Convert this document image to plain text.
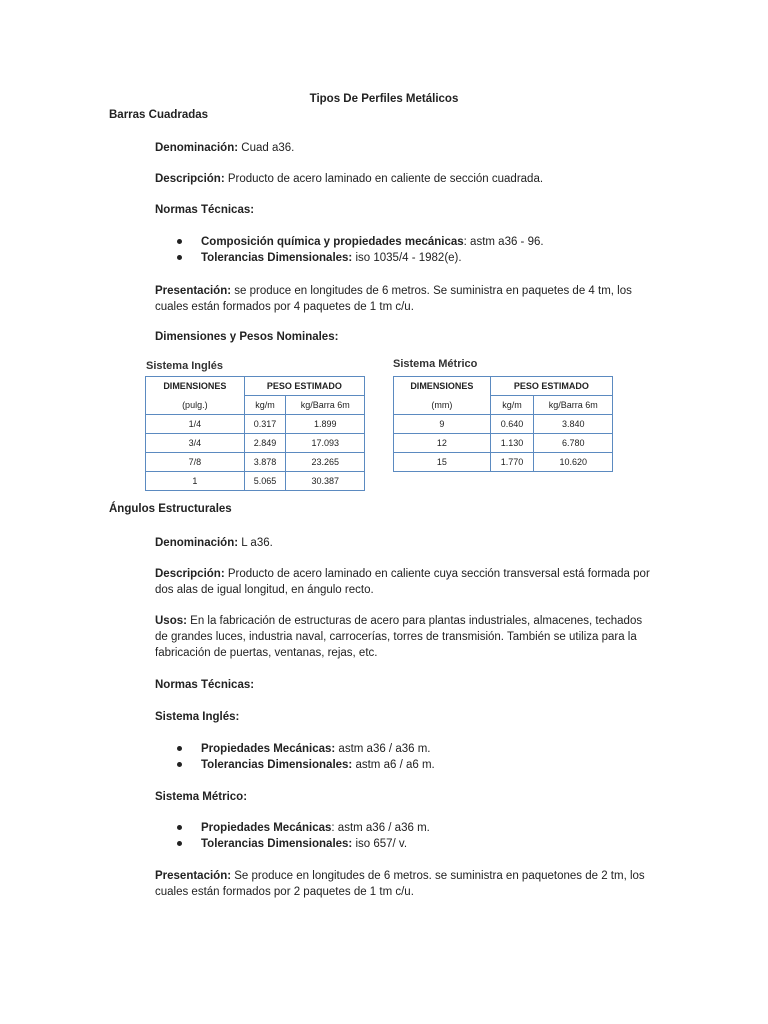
Tipos De Perfiles Metálicos
Barras Cuadradas
Denominación: Cuad a36.
Descripción: Producto de acero laminado en caliente de sección cuadrada.
Normas Técnicas:
Composición química y propiedades mecánicas: astm a36 - 96.
Tolerancias Dimensionales: iso 1035/4 - 1982(e).
Presentación: se produce en longitudes de 6 metros. Se suministra en paquetes de 4 tm, los cuales están formados por 4 paquetes de 1 tm c/u.
Dimensiones y Pesos Nominales:
Sistema Inglés
DIMENSIONES	PESO ESTIMADO	
(pulg.)	kg/m	kg/Barra 6m
1/4	0.317	1.899
3/4	2.849	17.093
7/8	3.878	23.265
1	5.065	30.387
Sistema Métrico
DIMENSIONES	PESO ESTIMADO	
(mm)	kg/m	kg/Barra 6m
9	0.640	3.840
12	1.130	6.780
15	1.770	10.620
Ángulos Estructurales
Denominación: L a36.
Descripción: Producto de acero laminado en caliente cuya sección transversal está formada por dos alas de igual longitud, en ángulo recto.
Usos: En la fabricación de estructuras de acero para plantas industriales, almacenes, techados de grandes luces, industria naval, carrocerías, torres de transmisión. También se utiliza para la fabricación de puertas, ventanas, rejas, etc.
Normas Técnicas:
Sistema Inglés:
Propiedades Mecánicas: astm a36 / a36 m.
Tolerancias Dimensionales: astm a6 / a6 m.
Sistema Métrico:
Propiedades Mecánicas: astm a36 / a36 m.
Tolerancias Dimensionales: iso 657/ v.
Presentación: Se produce en longitudes de 6 metros. se suministra en paquetones de 2 tm, los cuales están formados por 2 paquetes de 1 tm c/u.
